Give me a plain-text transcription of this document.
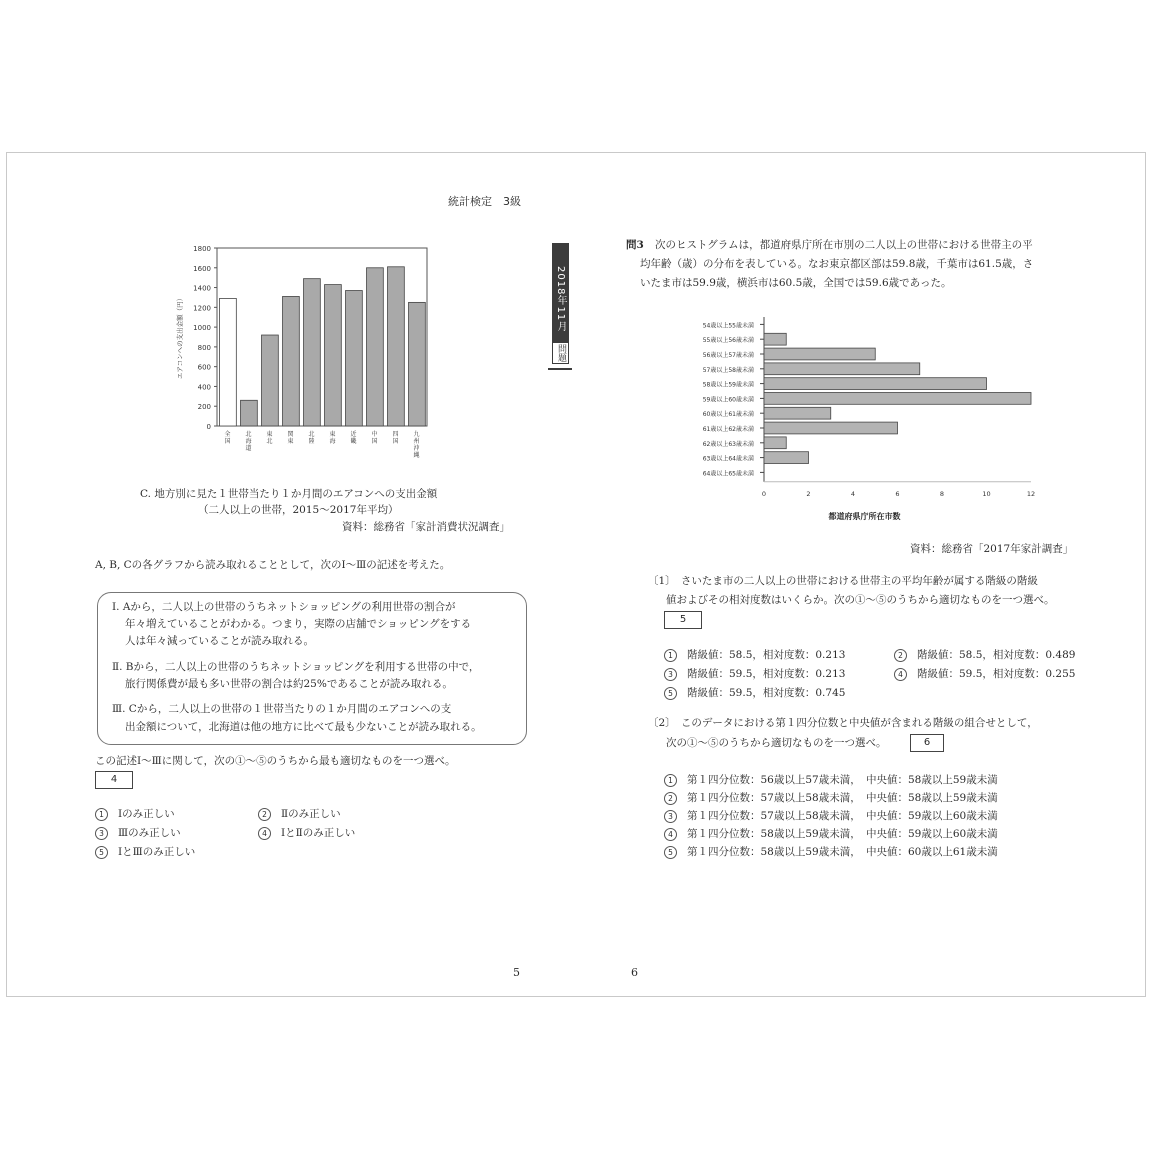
統計検定　3級
2018年11月
問題
0
200
400
600
800
1000
1200
1400
1600
1800
全国
北海道
東北
関東
北陸
東海
近畿
中国
四国
九州沖縄
エアコンへの支出金額（円）
C. 地方別に見た１世帯当たり１か月間のエアコンへの支出金額
（二人以上の世帯，2015～2017年平均）
資料：総務省「家計消費状況調査」
A, B, Cの各グラフから読み取れることとして，次のⅠ～Ⅲの記述を考えた。
Ⅰ. Aから，二人以上の世帯のうちネットショッピングの利用世帯の割合が
年々増えていることがわかる。つまり，実際の店舗でショッピングをする
人は年々減っていることが読み取れる。
Ⅱ. Bから，二人以上の世帯のうちネットショッピングを利用する世帯の中で，
旅行関係費が最も多い世帯の割合は約25%であることが読み取れる。
Ⅲ. Cから，二人以上の世帯の１世帯当たりの１か月間のエアコンへの支
出金額について，北海道は他の地方に比べて最も少ないことが読み取れる。
この記述Ⅰ～Ⅲに関して，次の①～⑤のうちから最も適切なものを一つ選べ。
4
1 Ⅰのみ正しい	2 Ⅱのみ正しい
3 Ⅲのみ正しい	4 ⅠとⅡのみ正しい
5 ⅠとⅢのみ正しい
5
問3 次のヒストグラムは，都道府県庁所在市別の二人以上の世帯における世帯主の平
均年齢（歳）の分布を表している。なお東京都区部は59.8歳，千葉市は61.5歳，さ
いたま市は59.9歳，横浜市は60.5歳，全国では59.6歳であった。
54歳以上55歳未満
55歳以上56歳未満
56歳以上57歳未満
57歳以上58歳未満
58歳以上59歳未満
59歳以上60歳未満
60歳以上61歳未満
61歳以上62歳未満
62歳以上63歳未満
63歳以上64歳未満
64歳以上65歳未満
0	2	4	6	8	10	12
都道府県庁所在市数
資料：総務省「2017年家計調査」
〔1〕　さいたま市の二人以上の世帯における世帯主の平均年齢が属する階級の階級
値およびその相対度数はいくらか。次の①～⑤のうちから適切なものを一つ選べ。
5
1 階級値：58.5，相対度数：0.213	2 階級値：58.5，相対度数：0.489
3 階級値：59.5，相対度数：0.213	4 階級値：59.5，相対度数：0.255
5 階級値：59.5，相対度数：0.745
〔2〕　このデータにおける第１四分位数と中央値が含まれる階級の組合せとして，
次の①～⑤のうちから適切なものを一つ選べ。	6
1 第１四分位数：56歳以上57歳未満，　中央値：58歳以上59歳未満
2 第１四分位数：57歳以上58歳未満，　中央値：58歳以上59歳未満
3 第１四分位数：57歳以上58歳未満，　中央値：59歳以上60歳未満
4 第１四分位数：58歳以上59歳未満，　中央値：59歳以上60歳未満
5 第１四分位数：58歳以上59歳未満，　中央値：60歳以上61歳未満
6
